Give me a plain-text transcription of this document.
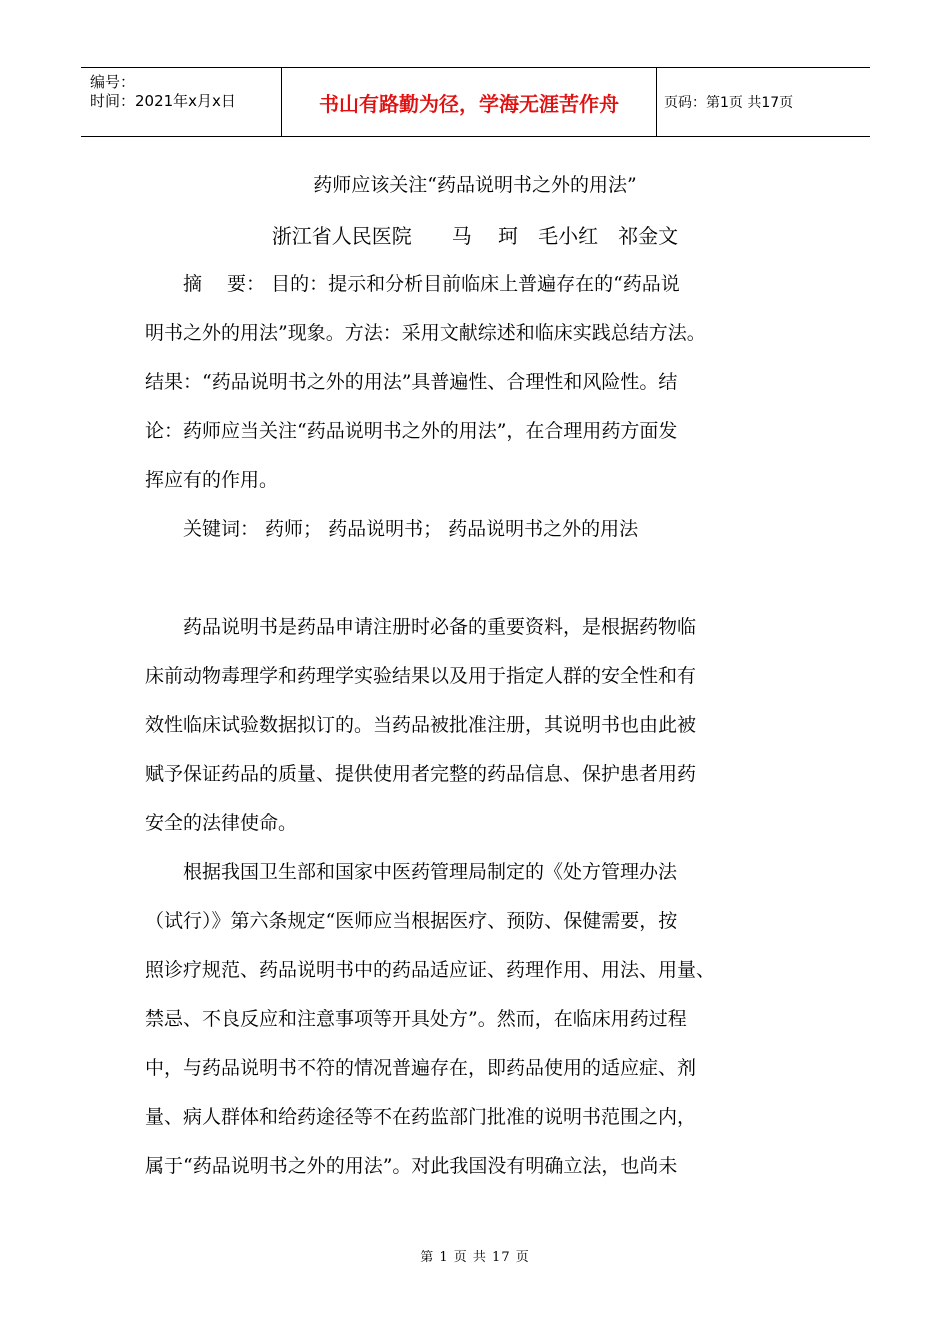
编号：
时间：2021年x月x日	书山有路勤为径，学海无涯苦作舟	页码：第1页 共17页
药师应该关注“药品说明书之外的用法”
浙江省人民医院　　马　 珂　毛小红　祁金文
　　摘　 要： 目的：提示和分析目前临床上普遍存在的“药品说
明书之外的用法”现象。方法：采用文献综述和临床实践总结方法。
结果：“药品说明书之外的用法”具普遍性、合理性和风险性。结
论：药师应当关注“药品说明书之外的用法”，在合理用药方面发
挥应有的作用。
　　关键词： 药师； 药品说明书； 药品说明书之外的用法
　　药品说明书是药品申请注册时必备的重要资料，是根据药物临
床前动物毒理学和药理学实验结果以及用于指定人群的安全性和有
效性临床试验数据拟订的。当药品被批准注册，其说明书也由此被
赋予保证药品的质量、提供使用者完整的药品信息、保护患者用药
安全的法律使命。
　　根据我国卫生部和国家中医药管理局制定的《处方管理办法
（试行）》第六条规定“医师应当根据医疗、预防、保健需要，按
照诊疗规范、药品说明书中的药品适应证、药理作用、用法、用量、
禁忌、不良反应和注意事项等开具处方”。然而，在临床用药过程
中，与药品说明书不符的情况普遍存在，即药品使用的适应症、剂
量、病人群体和给药途径等不在药监部门批准的说明书范围之内，
属于“药品说明书之外的用法”。对此我国没有明确立法，也尚未
第 1 页 共 17 页
